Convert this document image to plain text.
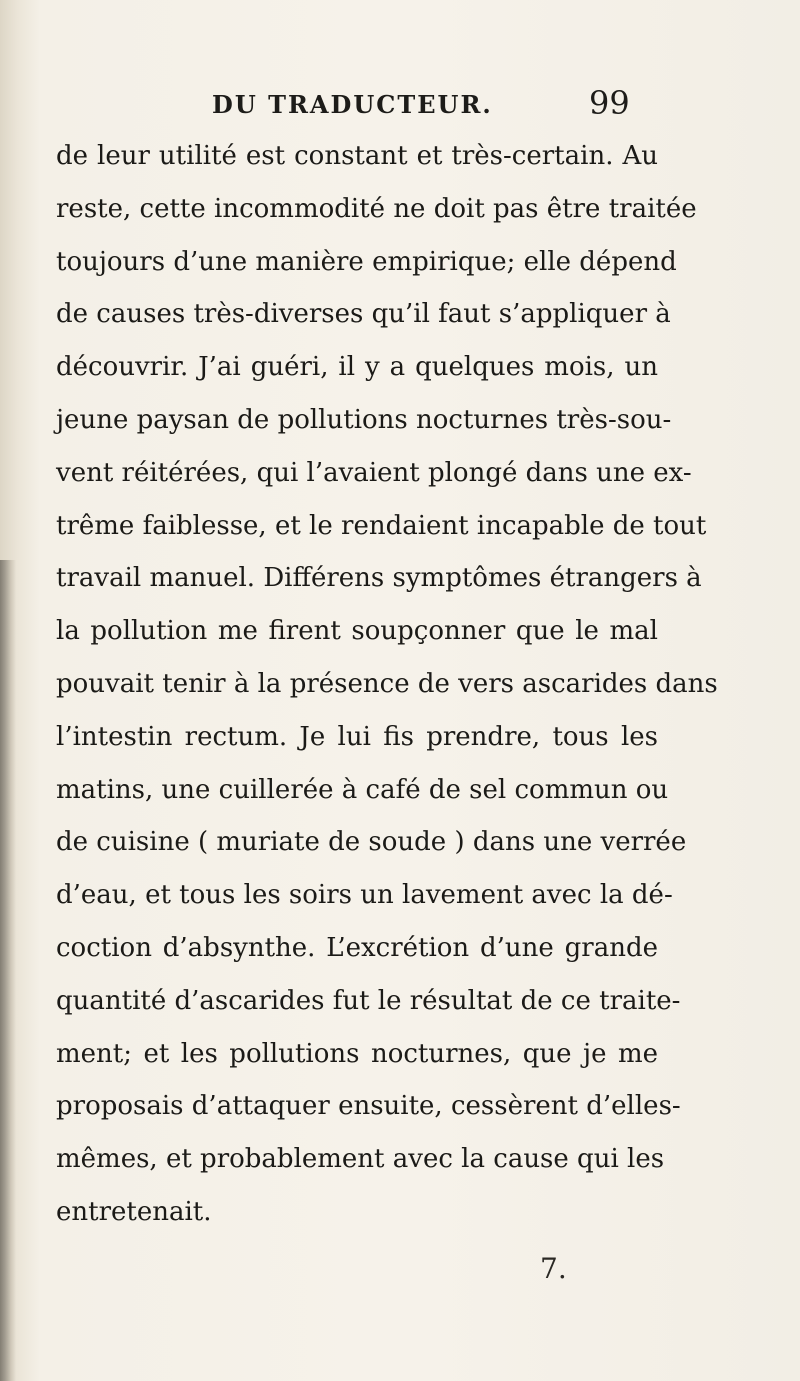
DU TRADUCTEUR.	99
de leur utilité est constant et très-certain. Au
reste, cette incommodité ne doit pas être traitée
toujours d’une manière empirique; elle dépend
de causes très-diverses qu’il faut s’appliquer à
découvrir. J’ai guéri, il y a quelques mois, un
jeune paysan de pollutions nocturnes très-sou-
vent réitérées, qui l’avaient plongé dans une ex-
trême faiblesse, et le rendaient incapable de tout
travail manuel. Différens symptômes étrangers à
la pollution me firent soupçonner que le mal
pouvait tenir à la présence de vers ascarides dans
l’intestin rectum. Je lui fis prendre, tous les
matins, une cuillerée à café de sel commun ou
de cuisine ( muriate de soude ) dans une verrée
d’eau, et tous les soirs un lavement avec la dé-
coction d’absynthe. L’excrétion d’une grande
quantité d’ascarides fut le résultat de ce traite-
ment; et les pollutions nocturnes, que je me
proposais d’attaquer ensuite, cessèrent d’elles-
mêmes, et probablement avec la cause qui les
entretenait.
7.
